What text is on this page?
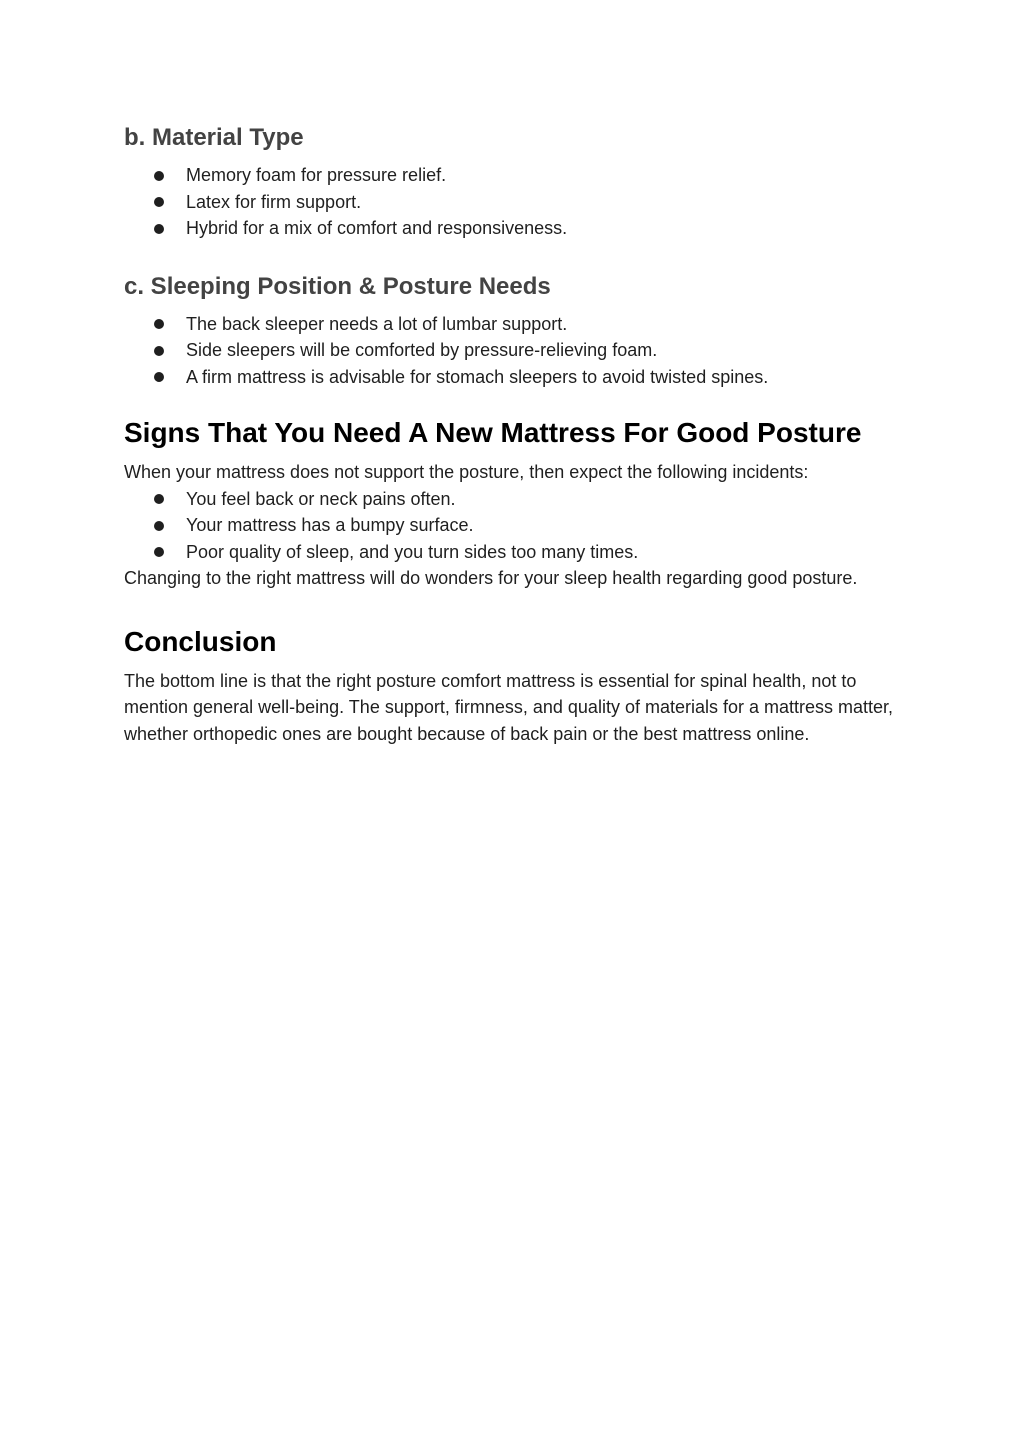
b. Material Type
Memory foam for pressure relief.
Latex for firm support.
Hybrid for a mix of comfort and responsiveness.
c. Sleeping Position & Posture Needs
The back sleeper needs a lot of lumbar support.
Side sleepers will be comforted by pressure-relieving foam.
A firm mattress is advisable for stomach sleepers to avoid twisted spines.
Signs That You Need A New Mattress For Good Posture

When your mattress does not support the posture, then expect the following incidents:

You feel back or neck pains often.
Your mattress has a bumpy surface.
Poor quality of sleep, and you turn sides too many times.

Changing to the right mattress will do wonders for your sleep health regarding good posture.

Conclusion

The bottom line is that the right posture comfort mattress is essential for spinal health, not to mention general well-being. The support, firmness, and quality of materials for a mattress matter, whether orthopedic ones are bought because of back pain or the best mattress online.
